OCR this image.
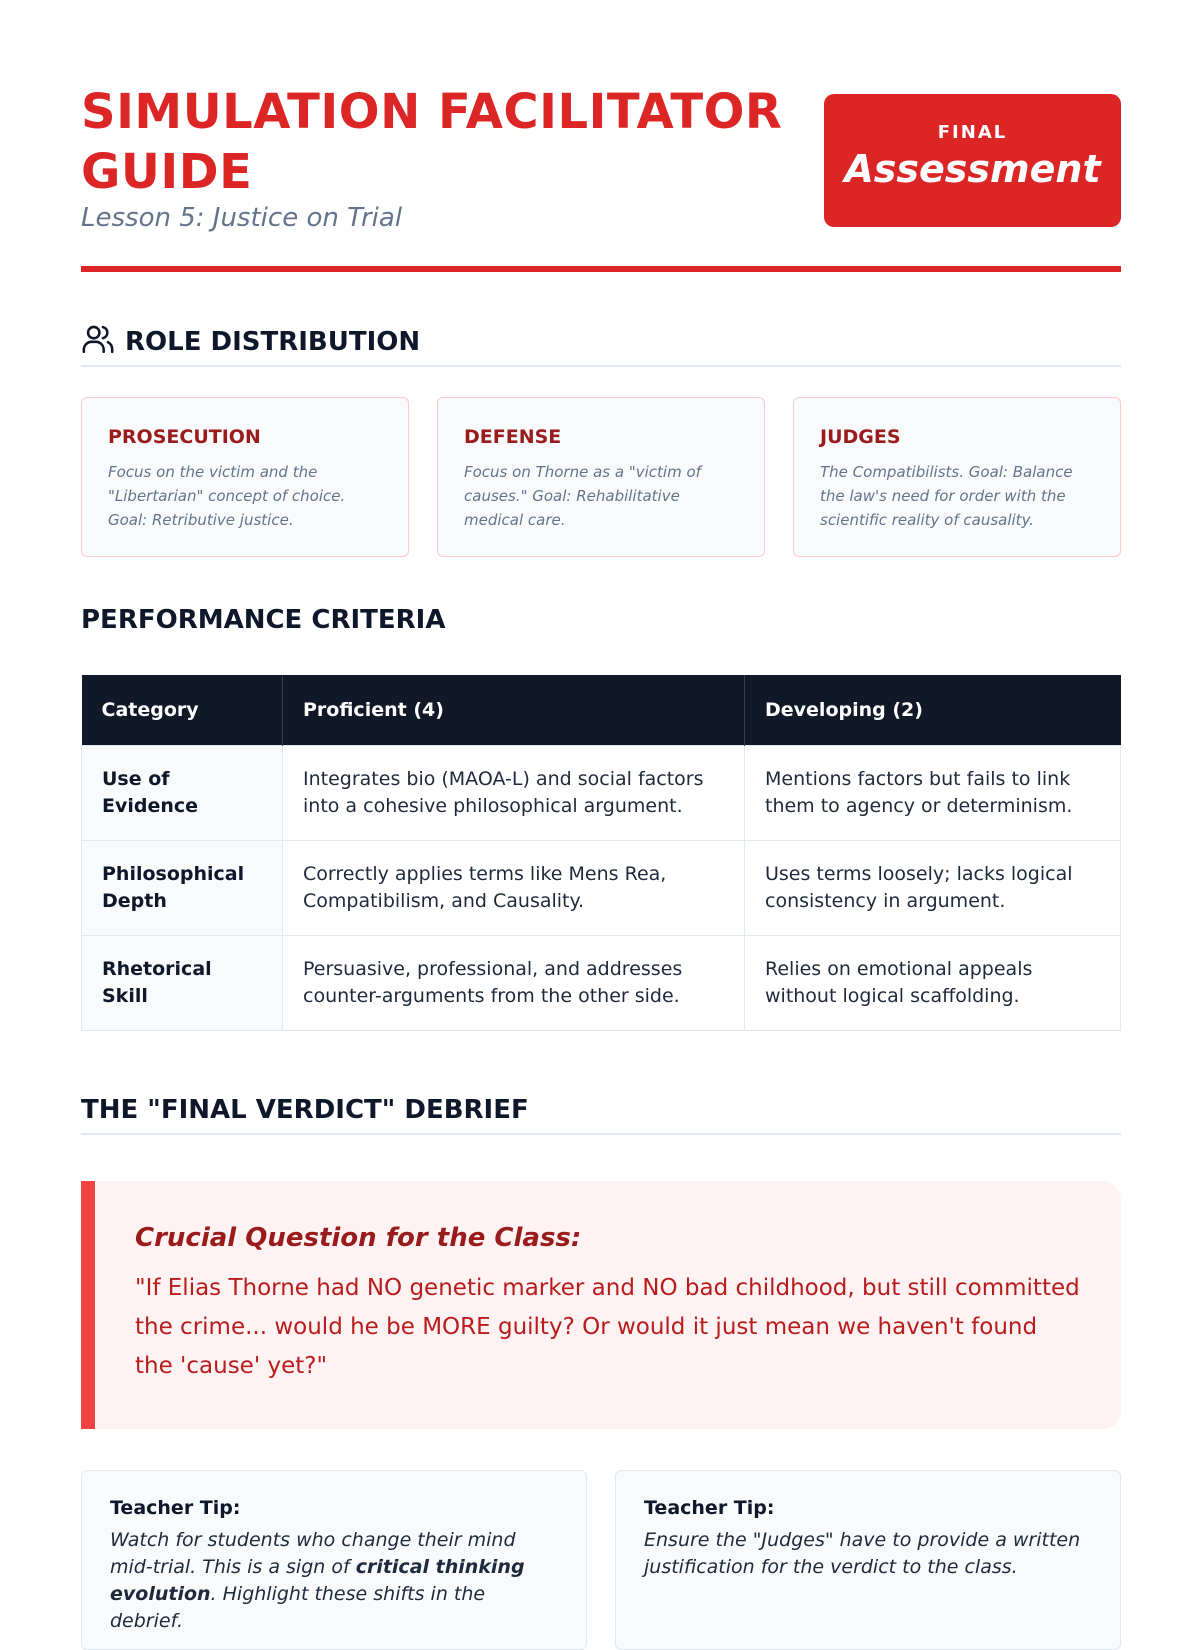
SIMULATION FACILITATOR GUIDE
Lesson 5: Justice on Trial
FINAL
Assessment
ROLE DISTRIBUTION
PROSECUTION
Focus on the victim and the "Libertarian" concept of choice. Goal: Retributive justice.
DEFENSE
Focus on Thorne as a "victim of causes." Goal: Rehabilitative medical care.
JUDGES
The Compatibilists. Goal: Balance the law's need for order with the scientific reality of causality.
PERFORMANCE CRITERIA
Category	Proficient (4)	Developing (2)
Use of Evidence	Integrates bio (MAOA-L) and social factors into a cohesive philosophical argument.	Mentions factors but fails to link them to agency or determinism.
Philosophical Depth	Correctly applies terms like Mens Rea, Compatibilism, and Causality.	Uses terms loosely; lacks logical consistency in argument.
Rhetorical Skill	Persuasive, professional, and addresses counter-arguments from the other side.	Relies on emotional appeals without logical scaffolding.
THE "FINAL VERDICT" DEBRIEF
Crucial Question for the Class:
"If Elias Thorne had NO genetic marker and NO bad childhood, but still committed the crime... would he be MORE guilty? Or would it just mean we haven't found the 'cause' yet?"
Teacher Tip:
Watch for students who change their mind mid-trial. This is a sign of critical thinking evolution. Highlight these shifts in the debrief.
Teacher Tip:
Ensure the "Judges" have to provide a written justification for the verdict to the class.
